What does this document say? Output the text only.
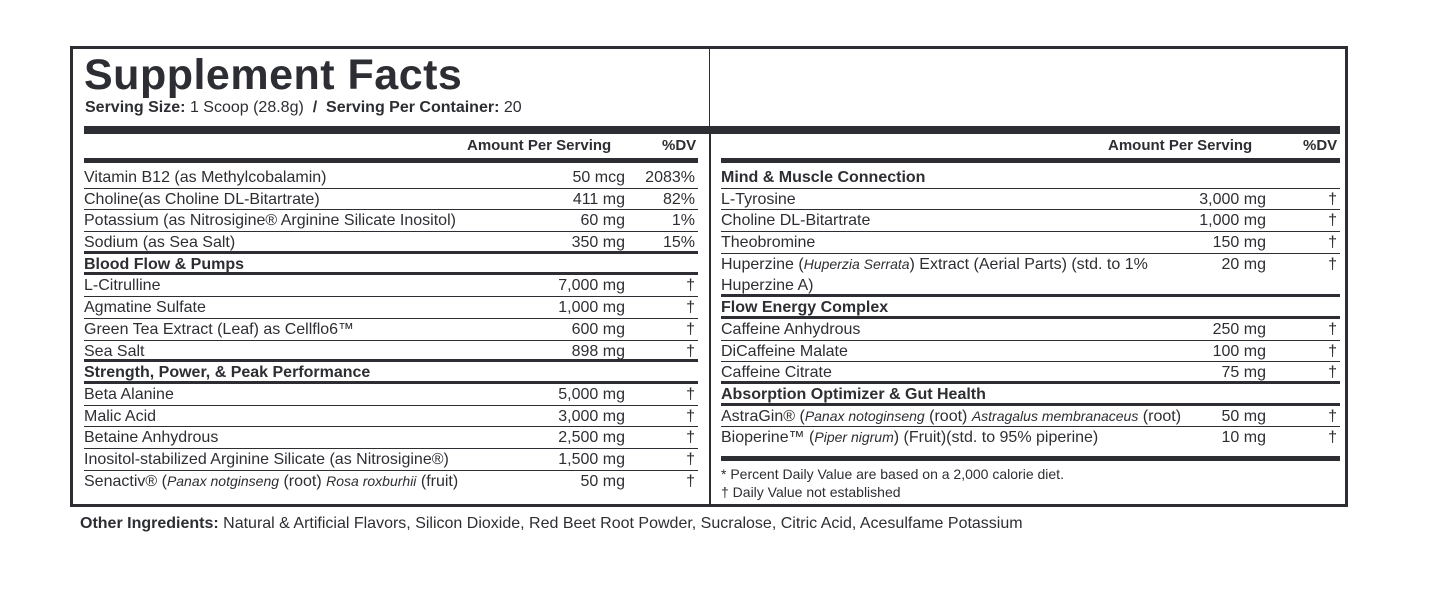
Supplement Facts
Serving Size: 1 Scoop (28.8g) / Serving Per Container: 20
Amount Per Serving	%DV	Amount Per Serving	%DV
Vitamin B12 (as Methylcobalamin)	50 mcg 2083%
Choline(as Choline DL-Bitartrate)	411 mg 82%
Potassium (as Nitrosigine® Arginine Silicate Inositol)	60 mg	1%
Sodium (as Sea Salt)	350 mg 15%
Blood Flow & Pumps
L-Citrulline	7,000 mg	†
Agmatine Sulfate	1,000 mg	†
Green Tea Extract (Leaf) as Cellflo6™	600 mg	†
Sea Salt	898 mg	†
Strength, Power, & Peak Performance
Beta Alanine	5,000 mg	†
Malic Acid	3,000 mg	†
Betaine Anhydrous	2,500 mg	†
Inositol-stabilized Arginine Silicate (as Nitrosigine®)	1,500 mg	†
Senactiv® (Panax notginseng (root) Rosa roxburhii (fruit)	50 mg	†
Mind & Muscle Connection
L-Tyrosine	3,000 mg	†
Choline DL-Bitartrate	1,000 mg	†
Theobromine	150 mg	†
Huperzine (Huperzia Serrata) Extract (Aerial Parts) (std. to 1% Huperzine A)
20 mg	†
Flow Energy Complex
Caffeine Anhydrous	250 mg	†
DiCaffeine Malate	100 mg	†
Caffeine Citrate	75 mg	†
Absorption Optimizer & Gut Health
AstraGin® (Panax notoginseng (root) Astragalus membranaceus (root)	50 mg	†
Bioperine™ (Piper nigrum) (Fruit)(std. to 95% piperine)	10 mg	†
* Percent Daily Value are based on a 2,000 calorie diet.
† Daily Value not established
Other Ingredients: Natural & Artificial Flavors, Silicon Dioxide, Red Beet Root Powder, Sucralose, Citric Acid, Acesulfame Potassium
